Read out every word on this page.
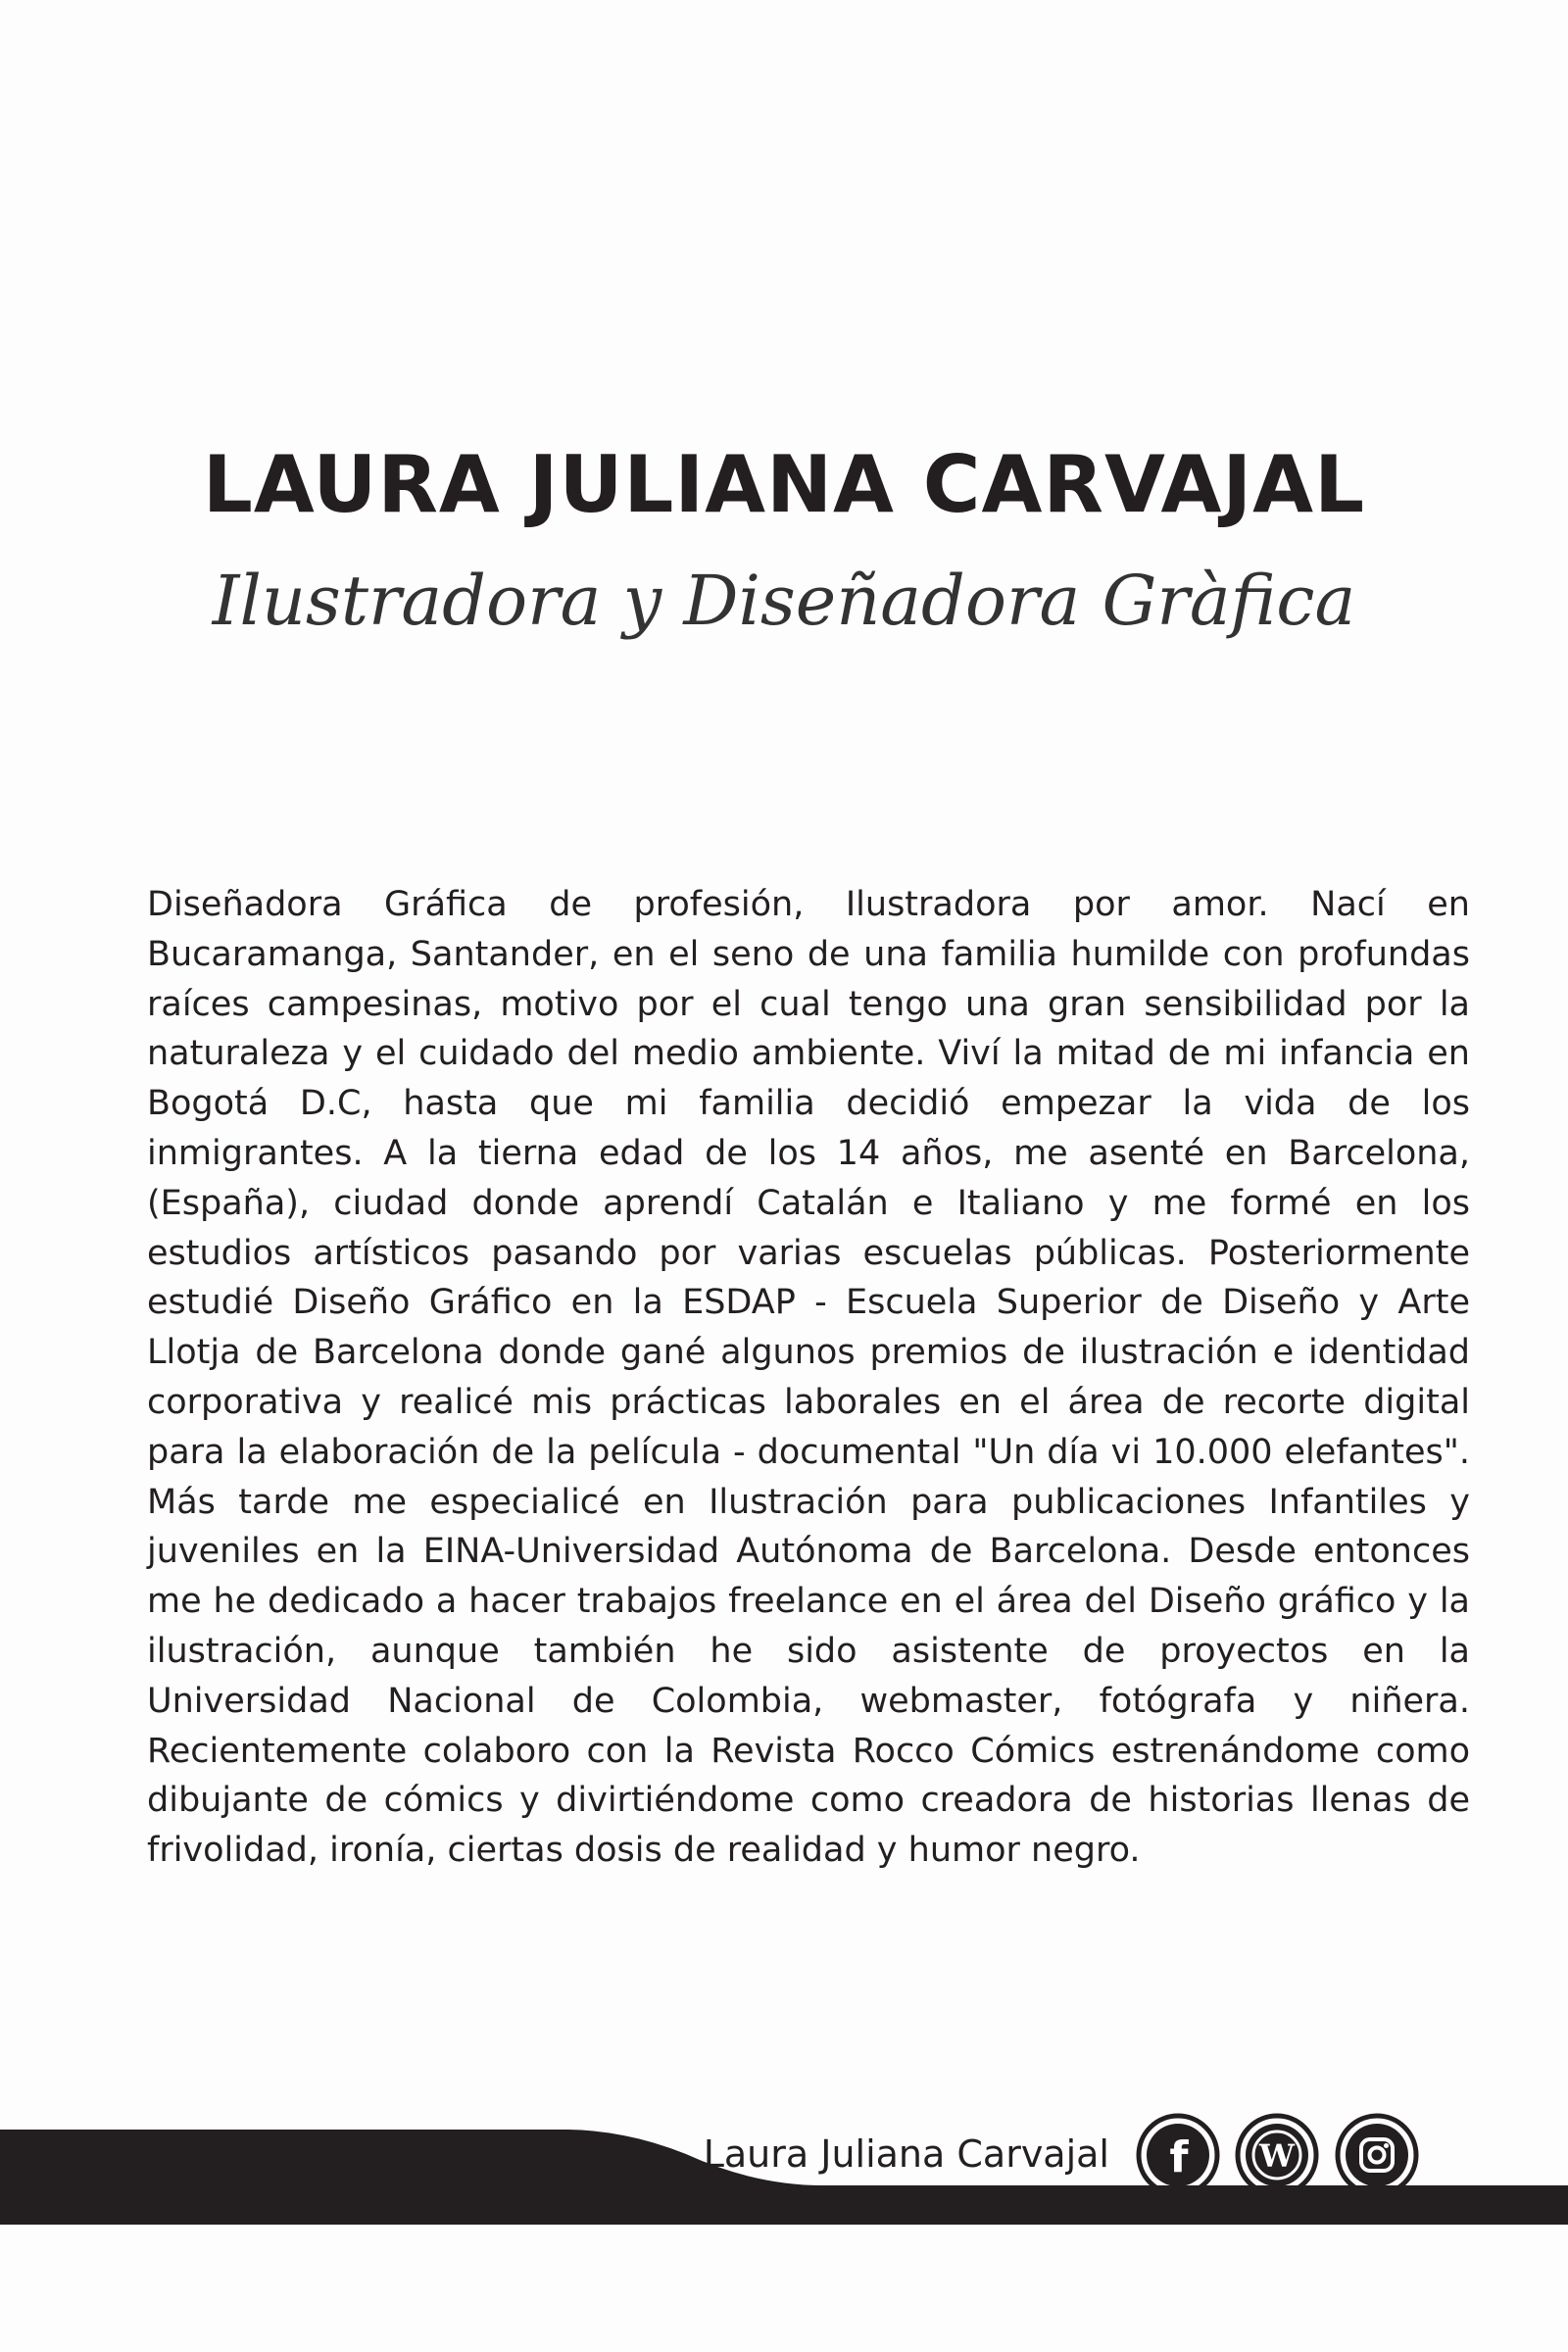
LAURA JULIANA CARVAJAL
Ilustradora y Diseñadora Gràfica

Diseñadora Gráfica de profesión, Ilustradora por amor. Nací en Bucaramanga, Santander, en el seno de una familia humilde con profundas raíces campesinas, motivo por el cual tengo una gran sensibilidad por la naturaleza y el cuidado del medio ambiente. Viví la mitad de mi infancia en Bogotá D.C, hasta que mi familia decidió empezar la vida de los inmigrantes. A la tierna edad de los 14 años, me asenté en Barcelona, (España), ciudad donde aprendí Catalán e Italiano y me formé en los estudios artísticos pasando por varias escuelas públicas. Posteriormente estudié Diseño Gráfico en la ESDAP - Escuela Superior de Diseño y Arte Llotja de Barcelona donde gané algunos premios de ilustración e identidad corporativa y realicé mis prácticas laborales en el área de recorte digital para la elaboración de la película - documental "Un día vi 10.000 elefantes". Más tarde me especialicé en Ilustración para publicaciones Infantiles y juveniles en la EINA-Universidad Autónoma de Barcelona. Desde entonces me he dedicado a hacer trabajos freelance en el área del Diseño gráfico y la ilustración, aunque también he sido asistente de proyectos en la Universidad Nacional de Colombia, webmaster, fotógrafa y niñera. Recientemente colaboro con la Revista Rocco Cómics estrenándome como dibujante de cómics y divirtiéndome como creadora de historias llenas de frivolidad, ironía, ciertas dosis de realidad y humor negro.

Laura Juliana Carvajal f W
